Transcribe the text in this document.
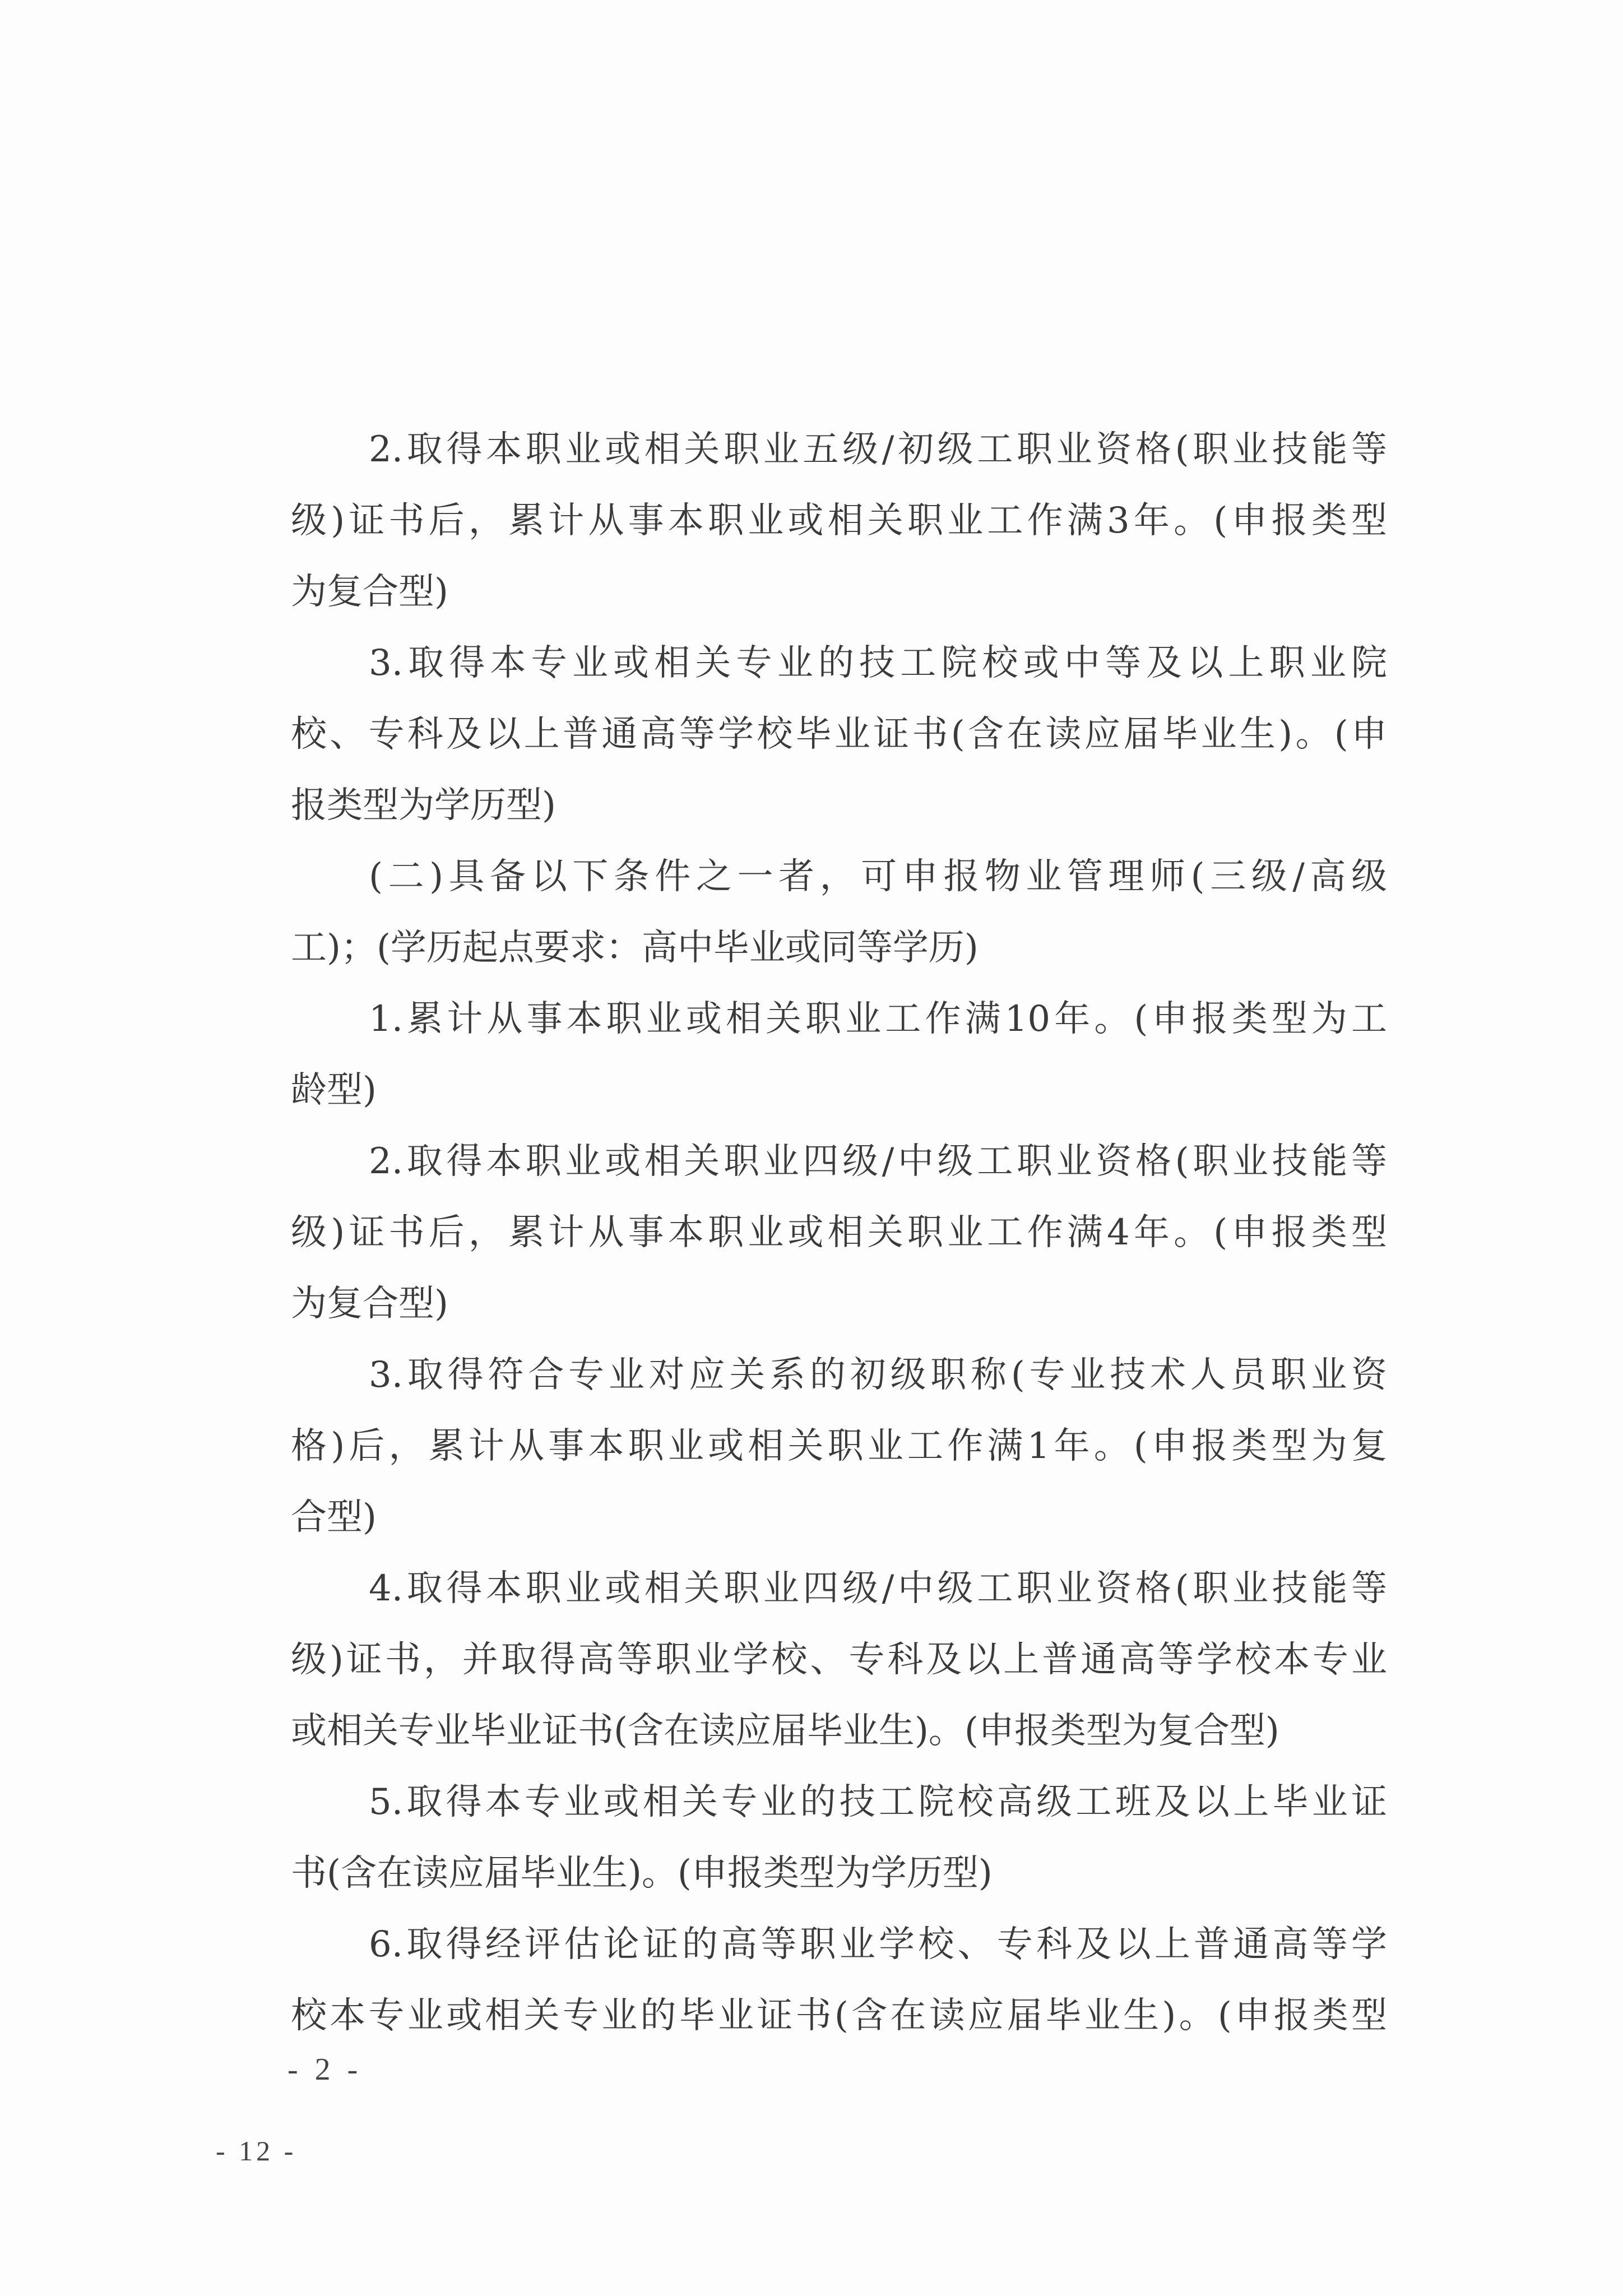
2.取得本职业或相关职业五级/初级工职业资格(职业技能等
级)证书后，累计从事本职业或相关职业工作满3年。(申报类型
为复合型)
3.取得本专业或相关专业的技工院校或中等及以上职业院
校、专科及以上普通高等学校毕业证书(含在读应届毕业生)。(申
报类型为学历型)
(二)具备以下条件之一者，可申报物业管理师(三级/高级
工)；(学历起点要求：高中毕业或同等学历)
1.累计从事本职业或相关职业工作满10年。(申报类型为工
龄型)
2.取得本职业或相关职业四级/中级工职业资格(职业技能等
级)证书后，累计从事本职业或相关职业工作满4年。(申报类型
为复合型)
3.取得符合专业对应关系的初级职称(专业技术人员职业资
格)后，累计从事本职业或相关职业工作满1年。(申报类型为复
合型)
4.取得本职业或相关职业四级/中级工职业资格(职业技能等
级)证书，并取得高等职业学校、专科及以上普通高等学校本专业
或相关专业毕业证书(含在读应届毕业生)。(申报类型为复合型)
5.取得本专业或相关专业的技工院校高级工班及以上毕业证
书(含在读应届毕业生)。(申报类型为学历型)
6.取得经评估论证的高等职业学校、专科及以上普通高等学
校本专业或相关专业的毕业证书(含在读应届毕业生)。(申报类型
- 2 -
- 12 -
